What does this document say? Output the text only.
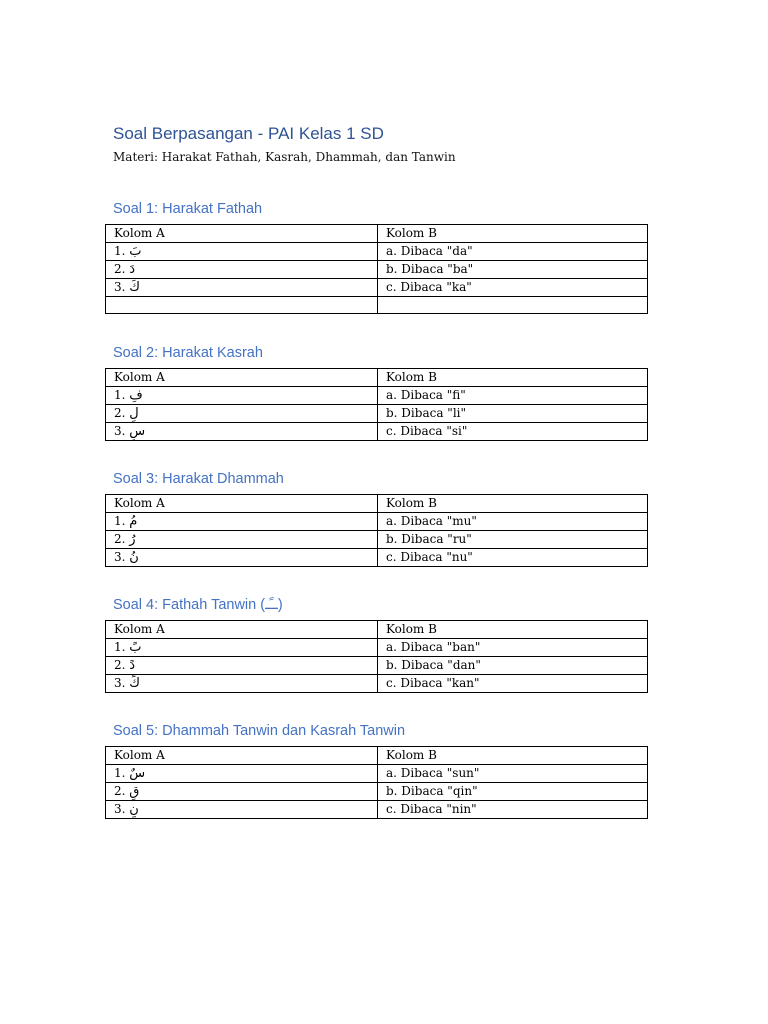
Soal Berpasangan - PAI Kelas 1 SD
Materi: Harakat Fathah, Kasrah, Dhammah, dan Tanwin
Soal 1: Harakat Fathah
Kolom A	Kolom B
1. بَ	a. Dibaca "da"
2. دَ	b. Dibaca "ba"
3. كَ	c. Dibaca "ka"

Soal 2: Harakat Kasrah
Kolom A	Kolom B
1. فِ	a. Dibaca "fi"
2. لِ	b. Dibaca "li"
3. سِ	c. Dibaca "si"
Soal 3: Harakat Dhammah
Kolom A	Kolom B
1. مُ	a. Dibaca "mu"
2. رُ	b. Dibaca "ru"
3. نُ	c. Dibaca "nu"
Soal 4: Fathah Tanwin (ــًـ)
Kolom A	Kolom B
1. بً	a. Dibaca "ban"
2. دً	b. Dibaca "dan"
3. كً	c. Dibaca "kan"
Soal 5: Dhammah Tanwin dan Kasrah Tanwin
Kolom A	Kolom B
1. سٌ	a. Dibaca "sun"
2. قٍ	b. Dibaca "qin"
3. نٍ	c. Dibaca "nin"
